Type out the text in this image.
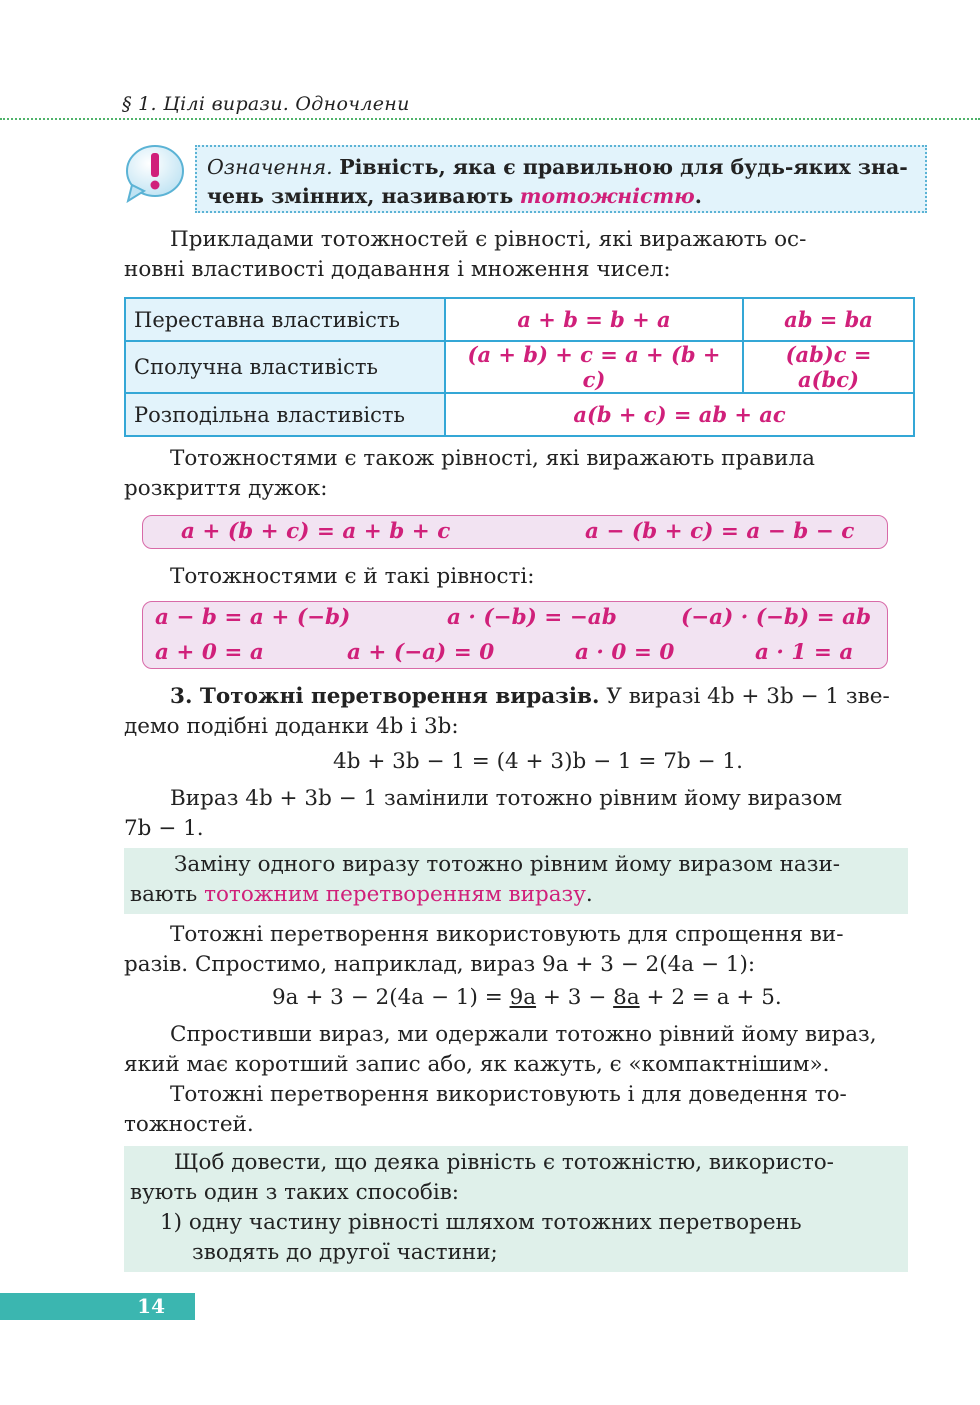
§ 1. Цілі вирази. Одночлени
Означення. Рівність, яка є правильною для будь-яких зна-
чень змінних, називають тотожністю.
Прикладами тотожностей є рівності, які виражають ос-
новні властивості додавання і множення чисел:
Переставна властивість	a + b = b + a	ab = ba
Сполучна властивість	(a + b) + c = a + (b + c)	(ab)c = a(bc)
Розподільна властивість	a(b + c) = ab + ac	
Тотожностями є також рівності, які виражають правила
розкриття дужок:
a + (b + c) = a + b + c	a − (b + c) = a − b − c
Тотожностями є й такі рівності:
a − b = a + (−b)	a · (−b) = −ab	(−a) · (−b) = ab
a + 0 = a	a + (−a) = 0	a · 0 = 0	a · 1 = a
3. Тотожні перетворення виразів. У виразі 4b + 3b − 1 зве-
демо подібні доданки 4b і 3b:
4b + 3b − 1 = (4 + 3)b − 1 = 7b − 1.
Вираз 4b + 3b − 1 замінили тотожно рівним йому виразом
7b − 1.
Заміну одного виразу тотожно рівним йому виразом нази-
вають тотожним перетворенням виразу.
Тотожні перетворення використовують для спрощення ви-
разів. Спростимо, наприклад, вираз 9a + 3 − 2(4a − 1):
9a + 3 − 2(4a − 1) = 9a + 3 − 8a + 2 = a + 5.
Спростивши вираз, ми одержали тотожно рівний йому вираз,
який має коротший запис або, як кажуть, є «компактнішим».
Тотожні перетворення використовують і для доведення то-
тожностей.
Щоб довести, що деяка рівність є тотожністю, використо-
вують один з таких способів:
1) одну частину рівності шляхом тотожних перетворень
зводять до другої частини;
14
